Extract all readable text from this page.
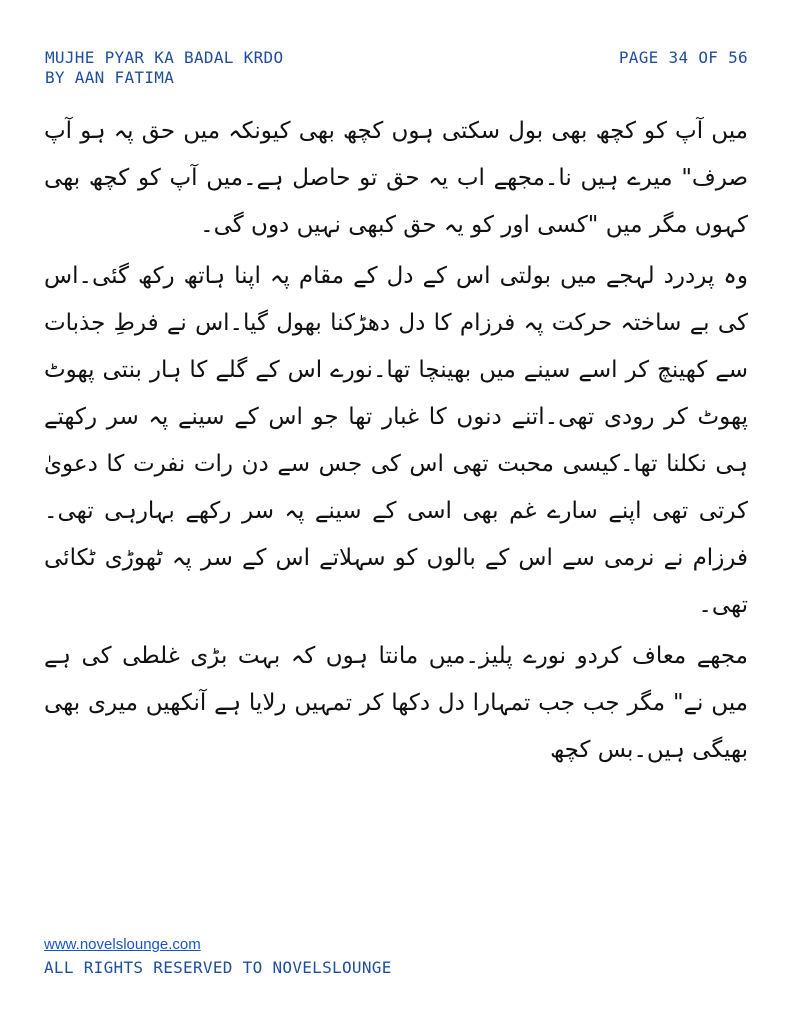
MUJHE PYAR KA BADAL KRDO
BY AAN FATIMA
PAGE 34 OF 56

میں آپ کو کچھ بھی بول سکتی ہوں کچھ بھی کیونکہ میں حق پہ ہو آپ صرف" میرے ہیں نا۔مجھے اب یہ حق تو حاصل ہے۔میں آپ کو کچھ بھی کہوں مگر میں "کسی اور کو یہ حق کبھی نہیں دوں گی۔

وہ پردرد لہجے میں بولتی اس کے دل کے مقام پہ اپنا ہاتھ رکھ گئی۔اس کی بے ساختہ حرکت پہ فرزام کا دل دھڑکنا بھول گیا۔اس نے فرطِ جذبات سے کھینچ کر اسے سینے میں بھینچا تھا۔نورے اس کے گلے کا ہار بنتی پھوٹ پھوٹ کر رودی تھی۔اتنے دنوں کا غبار تھا جو اس کے سینے پہ سر رکھتے ہی نکلنا تھا۔کیسی محبت تھی اس کی جس سے دن رات نفرت کا دعویٰ کرتی تھی اپنے سارے غم بھی اسی کے سینے پہ سر رکھے بہارہی تھی۔فرزام نے نرمی سے اس کے بالوں کو سہلاتے اس کے سر پہ ٹھوڑی ٹکائی تھی۔

مجھے معاف کردو نورے پلیز۔میں مانتا ہوں کہ بہت بڑی غلطی کی ہے میں نے" مگر جب جب تمہارا دل دکھا کر تمہیں رلایا ہے آنکھیں میری بھی بھیگی ہیں۔بس کچھ

www.novelslounge.com
ALL RIGHTS RESERVED TO NOVELSLOUNGE
